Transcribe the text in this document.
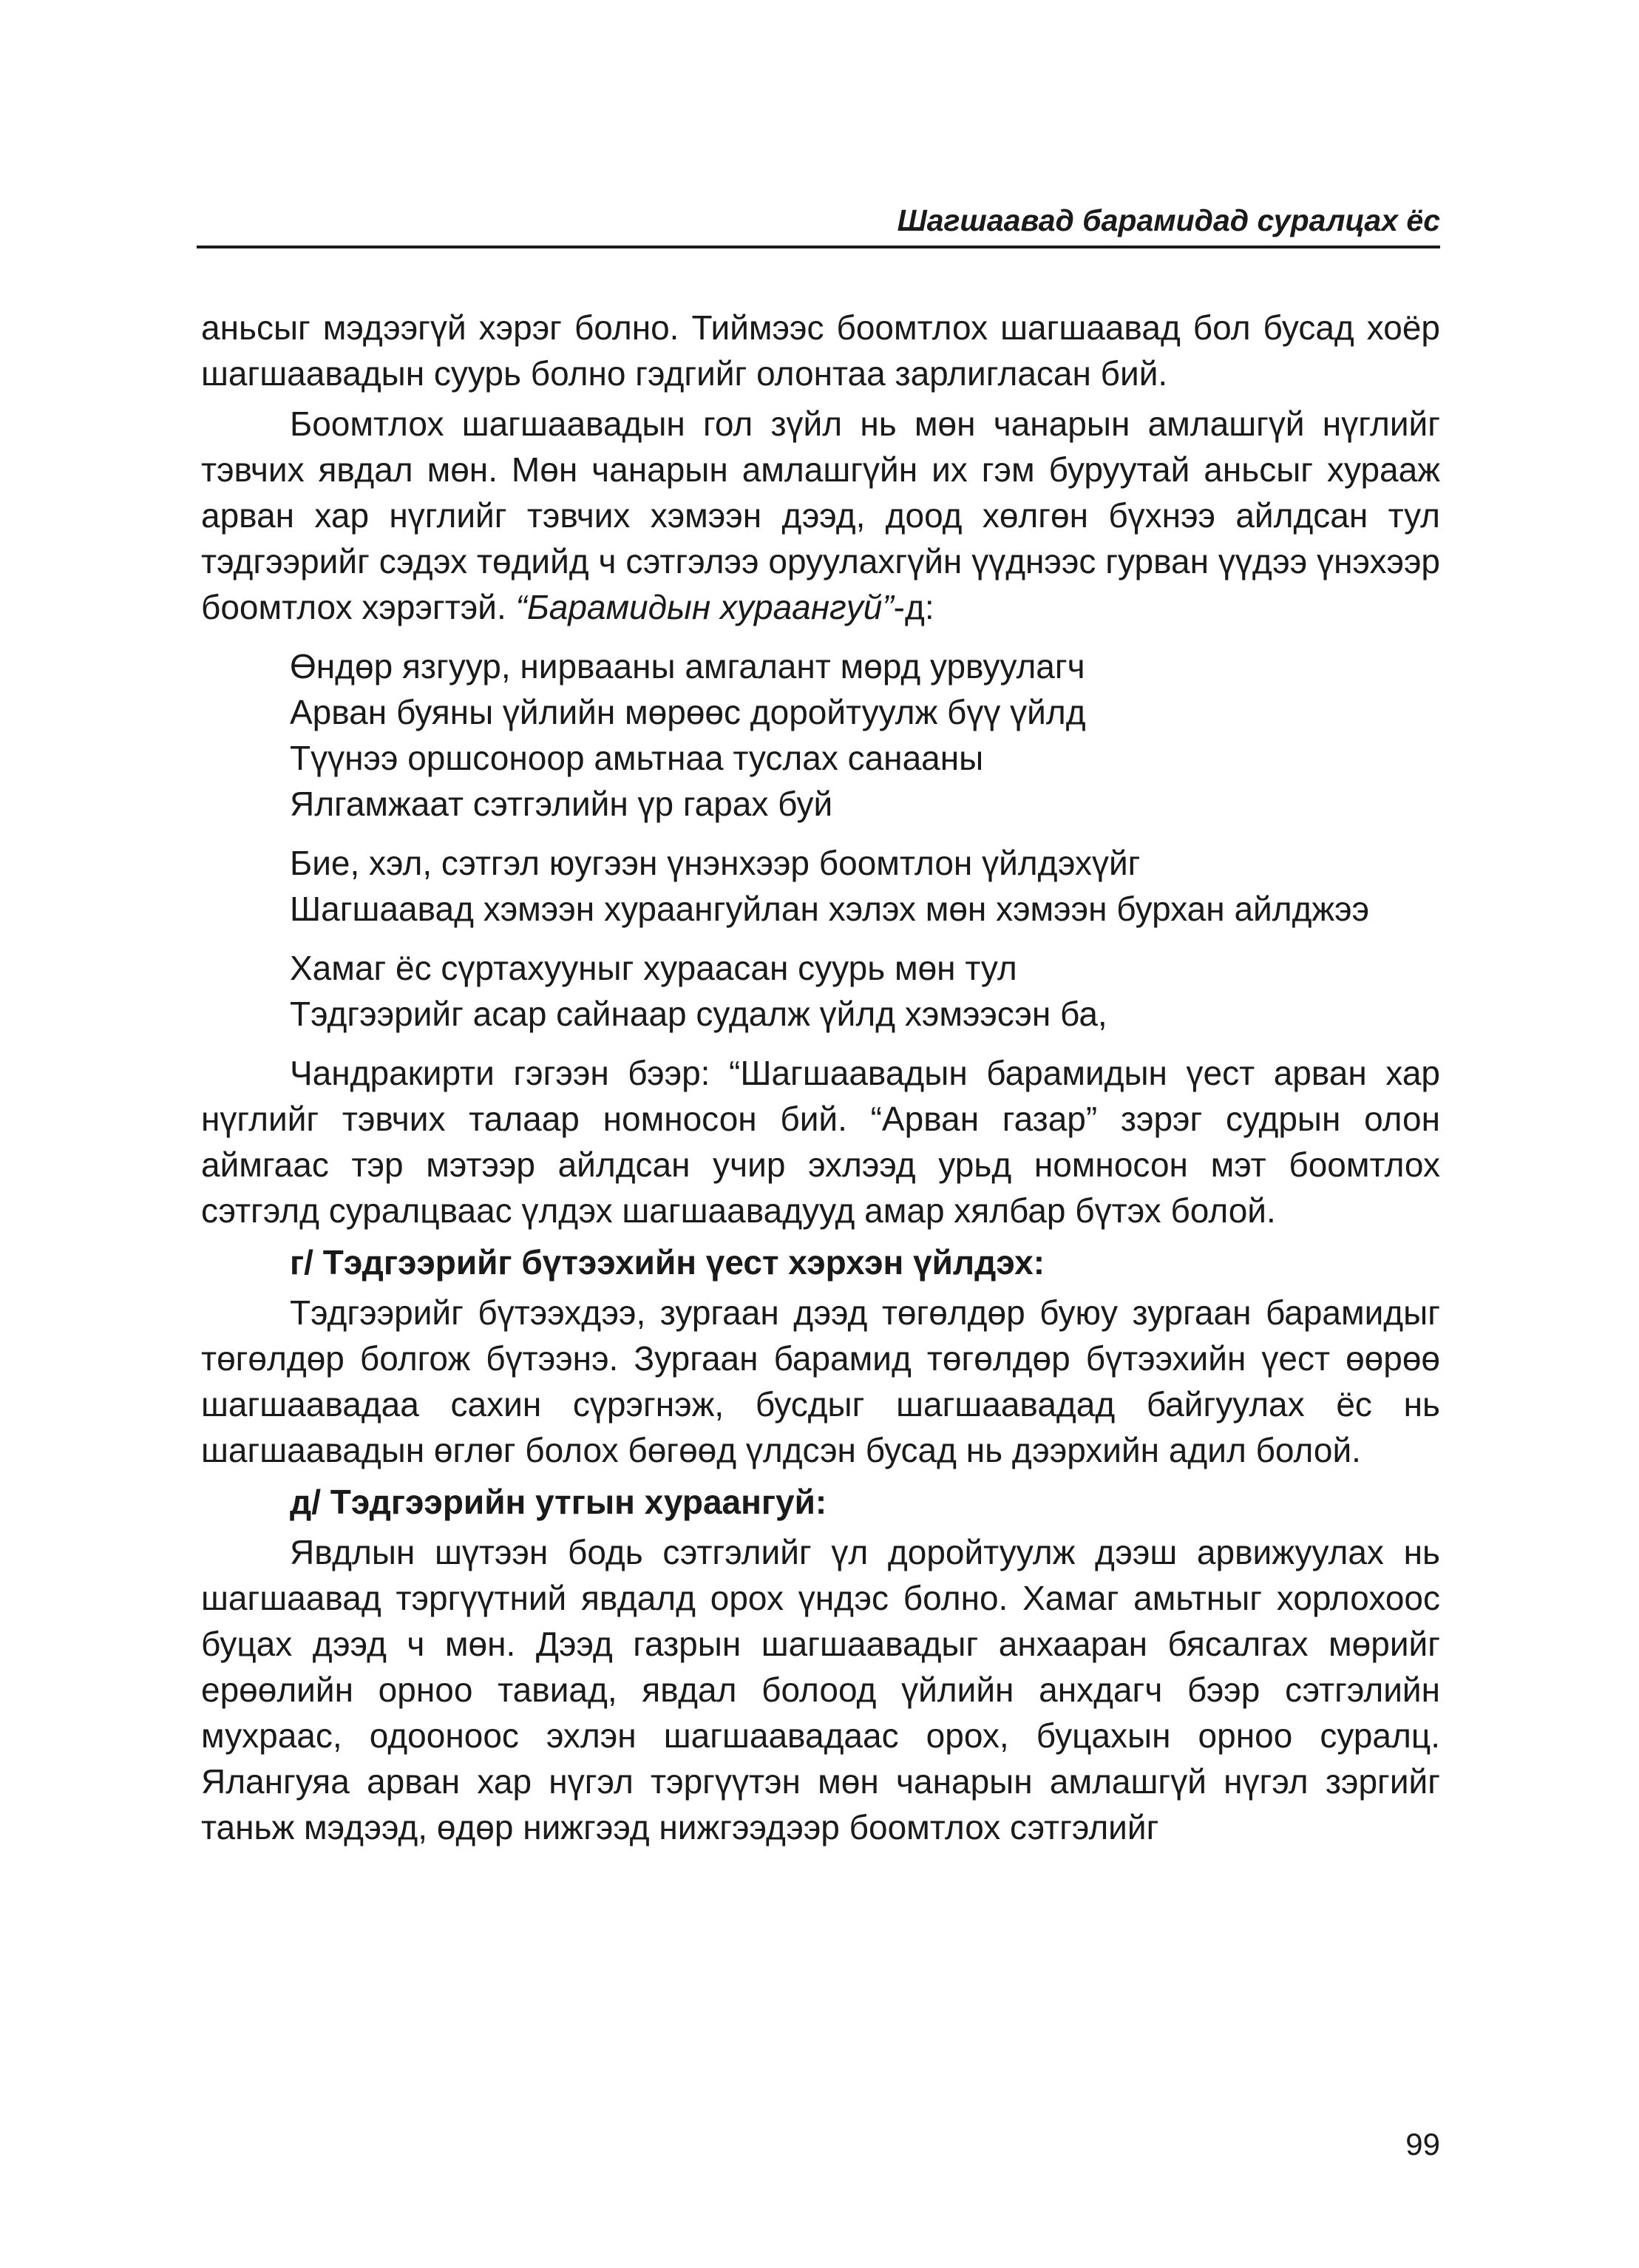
Шагшаавад барамидад суралцах ёс

аньсыг мэдээгүй хэрэг болно. Тиймээс боомтлох шагшаавад бол бусад хоёр шагшаавадын суурь болно гэдгийг олонтаа зарлигласан бий.

Боомтлох шагшаавадын гол зүйл нь мөн чанарын амлашгүй нүглийг тэвчих явдал мөн. Мөн чанарын амлашгүйн их гэм буруутай аньсыг хурааж арван хар нүглийг тэвчих хэмээн дээд, доод хөлгөн бүхнээ айлдсан тул тэдгээрийг сэдэх төдийд ч сэтгэлээ оруулахгүйн үүднээс гурван үүдээ үнэхээр боомтлох хэрэгтэй. “Барамидын хураангуй”-д:

Өндөр язгуур, нирвааны амгалант мөрд урвуулагч
Арван буяны үйлийн мөрөөс доройтуулж бүү үйлд
Түүнээ оршсоноор амьтнаа туслах санааны
Ялгамжаат сэтгэлийн үр гарах буй
Бие, хэл, сэтгэл юугээн үнэнхээр боомтлон үйлдэхүйг
Шагшаавад хэмээн хураангуйлан хэлэх мөн хэмээн бурхан айлджээ
Хамаг ёс сүртахууныг хураасан суурь мөн тул
Тэдгээрийг асар сайнаар судалж үйлд хэмээсэн ба,

Чандракирти гэгээн бээр: “Шагшаавадын барамидын үест арван хар нүглийг тэвчих талаар номносон бий. “Арван газар” зэрэг судрын олон аймгаас тэр мэтээр айлдсан учир эхлээд урьд номносон мэт боомтлох сэтгэлд суралцваас үлдэх шагшаавадууд амар хялбар бүтэх болой.

г/ Тэдгээрийг бүтээхийн үест хэрхэн үйлдэх:

Тэдгээрийг бүтээхдээ, зургаан дээд төгөлдөр буюу зургаан барамидыг төгөлдөр болгож бүтээнэ. Зургаан барамид төгөлдөр бүтээхийн үест өөрөө шагшаавадаа сахин сүрэгнэж, бусдыг шагшаавадад байгуулах ёс нь шагшаавадын өглөг болох бөгөөд үлдсэн бусад нь дээрхийн адил болой.

д/ Тэдгээрийн утгын хураангуй:

Явдлын шүтээн бодь сэтгэлийг үл доройтуулж дээш арвижуулах нь шагшаавад тэргүүтний явдалд орох үндэс болно. Хамаг амьтныг хорлохоос буцах дээд ч мөн. Дээд газрын шагшаавадыг анхааран бясалгах мөрийг ерөөлийн орноо тавиад, явдал болоод үйлийн анхдагч бээр сэтгэлийн мухраас, одооноос эхлэн шагшаавадаас орох, буцахын орноо суралц. Ялангуяа арван хар нүгэл тэргүүтэн мөн чанарын амлашгүй нүгэл зэргийг таньж мэдээд, өдөр нижгээд нижгээдээр боомтлох сэтгэлийг

99
